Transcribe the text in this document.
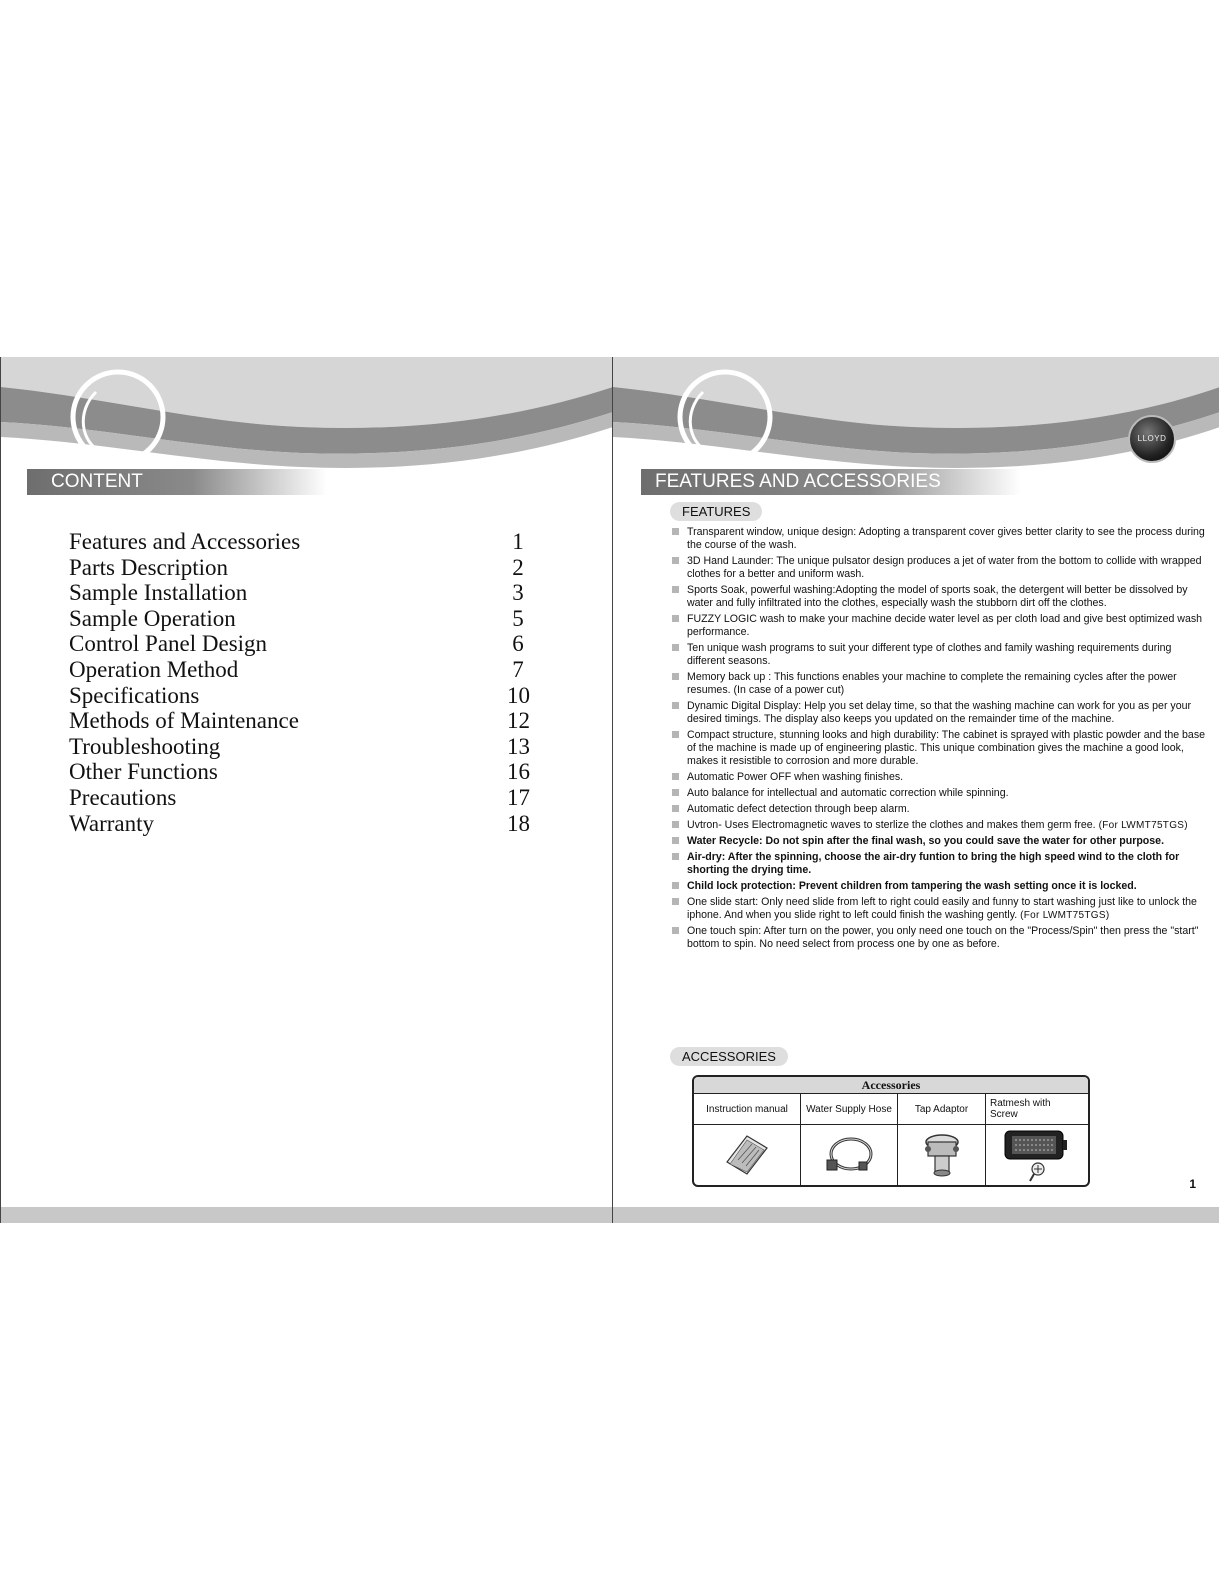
CONTENT
Features and Accessories	1
Parts Description	2
Sample Installation	3
Sample Operation	5
Control Panel Design	6
Operation Method	7
Specifications	10
Methods of Maintenance	12
Troubleshooting	13
Other Functions	16
Precautions	17
Warranty	18
LLOYD
FEATURES AND ACCESSORIES
FEATURES
Transparent window, unique design: Adopting a transparent cover gives better clarity to see the process during the course of the wash.
3D Hand Launder: The unique pulsator design produces a jet of water from the bottom to collide with wrapped clothes for a better and uniform wash.
Sports Soak, powerful washing:Adopting the model of sports soak, the detergent will better be dissolved by water and fully infiltrated into the clothes, especially wash the stubborn dirt off the clothes.
FUZZY LOGIC wash to make your machine decide water level as per cloth load and give best optimized wash performance.
Ten unique wash programs to suit your different type of clothes and family washing requirements during different seasons.
Memory back up : This functions enables your machine to complete the remaining cycles after the power resumes. (In case of a power cut)
Dynamic Digital Display: Help you set delay time, so that the washing machine can work for you as per your desired timings. The display also keeps you updated on the remainder time of the machine.
Compact structure, stunning looks and high durability: The cabinet is sprayed with plastic powder and the base of the machine is made up of engineering plastic. This unique combination gives the machine a good look, makes it resistible to corrosion and more durable.
Automatic Power OFF when washing finishes.
Auto balance for intellectual and automatic correction while spinning.
Automatic defect detection through beep alarm.
Uvtron- Uses Electromagnetic waves to sterlize the clothes and makes them germ free. (For LWMT75TGS)
Water Recycle: Do not spin after the final wash, so you could save the water for other purpose.
Air-dry: After the spinning, choose the air-dry funtion to bring the high speed wind to the cloth for shorting the drying time.
Child lock protection: Prevent children from tampering the wash setting once it is locked.
One slide start: Only need slide from left to right could easily and funny to start washing just like to unlock the iphone. And when you slide right to left could finish the washing gently. (For LWMT75TGS)
One touch spin: After turn on the power, you only need one touch on the "Process/Spin" then press the "start" bottom to spin. No need select from process one by one as before.
ACCESSORIES
Accessories
Instruction manual	Water Supply Hose	Tap Adaptor	Ratmesh with Screw
1
